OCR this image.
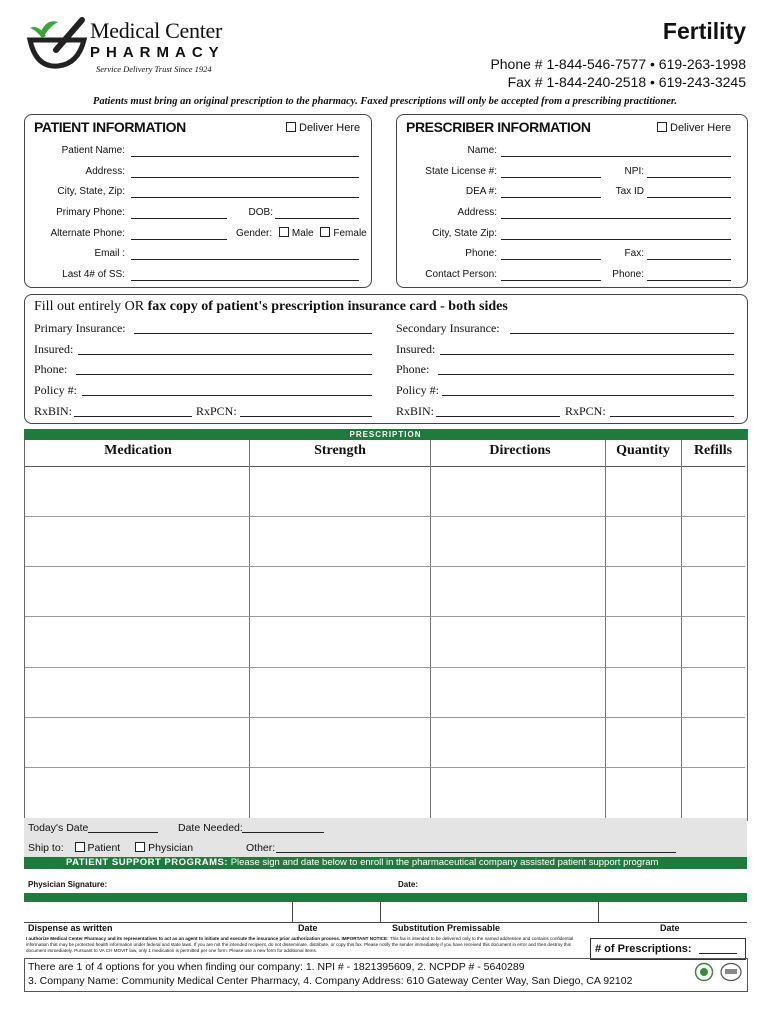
Medical Center
PHARMACY
Service Delivery Trust Since 1924
Fertility
Phone # 1-844-546-7577 • 619-263-1998
Fax # 1-844-240-2518 • 619-243-3245
Patients must bring an original prescription to the pharmacy. Faxed prescriptions will only be accepted from a prescribing practitioner.
PATIENT INFORMATION	Deliver Here
Patient Name:
Address:
City, State, Zip:
Primary Phone:	DOB:
Alternate Phone:	Gender: Male Female
Email :
Last 4# of SS:
PRESCRIBER INFORMATION	Deliver Here
Name:
State License #:	NPI:
DEA #:	Tax ID
Address:
City, State Zip:
Phone:	Fax:
Contact Person:	Phone:
Fill out entirely OR fax copy of patient's prescription insurance card - both sides
Primary Insurance:	Secondary Insurance:
Insured:	Insured:
Phone:	Phone:
Policy #:	Policy #:
RxBIN:	RxPCN:	RxBIN:	RxPCN:
PRESCRIPTION
Medication	Strength	Directions	Quantity	Refills
Today's Date	Date Needed:
Ship to: Patient	Physician	Other:
PATIENT SUPPORT PROGRAMS: Please sign and date below to enroll in the pharmaceutical company assisted patient support program
Physician Signature:	Date:
Dispense as written	Date	Substitution Premissable	Date
I authorize Medical Center Pharmacy and its representatives to act as an agent to initiate and execute the insurance prior authorization process. IMPORTANT NOTICE: This fax is intended to be delivered only to the named addressee and contains confidential information that may be protected health information under federal and state laws. If you are not the intended recipient, do not disseminate, distribute, or copy this fax. Please notify the sender immediately if you have received this document in error and then destroy this document immediately. Pursuant to VA CH MOVIT law, only 1 medication is permitted per one form. Please use a new form for additional items.	# of Prescriptions:
There are 1 of 4 options for you when finding our company: 1. NPI # - 1821395609, 2. NCPDP # - 5640289
3. Company Name: Community Medical Center Pharmacy, 4. Company Address: 610 Gateway Center Way, San Diego, CA 92102
